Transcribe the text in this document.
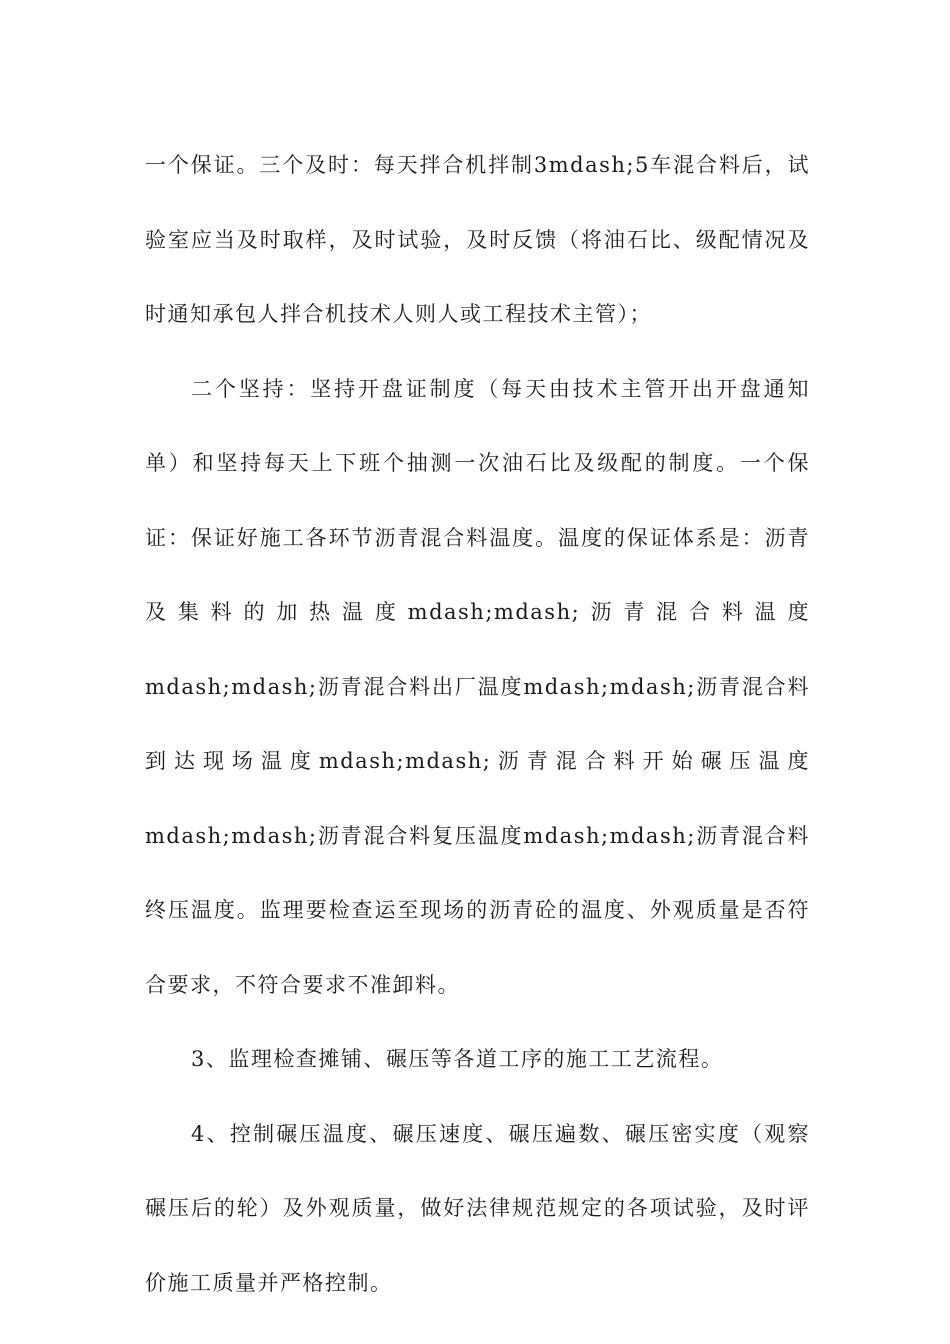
一个保证。三个及时：每天拌合机拌制3mdash;5车混合料后，试验室应当及时取样，及时试验，及时反馈（将油石比、级配情况及时通知承包人拌合机技术人则人或工程技术主管）；

二个坚持：坚持开盘证制度（每天由技术主管开出开盘通知单）和坚持每天上下班个抽测一次油石比及级配的制度。一个保证：保证好施工各环节沥青混合料温度。温度的保证体系是：沥青及集料的加热温度mdash;mdash;沥青混合料温度mdash;mdash;沥青混合料出厂温度mdash;mdash;沥青混合料到达现场温度mdash;mdash;沥青混合料开始碾压温度mdash;mdash;沥青混合料复压温度mdash;mdash;沥青混合料终压温度。监理要检查运至现场的沥青砼的温度、外观质量是否符合要求，不符合要求不准卸料。

3、监理检查摊铺、碾压等各道工序的施工工艺流程。

4、控制碾压温度、碾压速度、碾压遍数、碾压密实度（观察碾压后的轮）及外观质量，做好法律规范规定的各项试验，及时评价施工质量并严格控制。
